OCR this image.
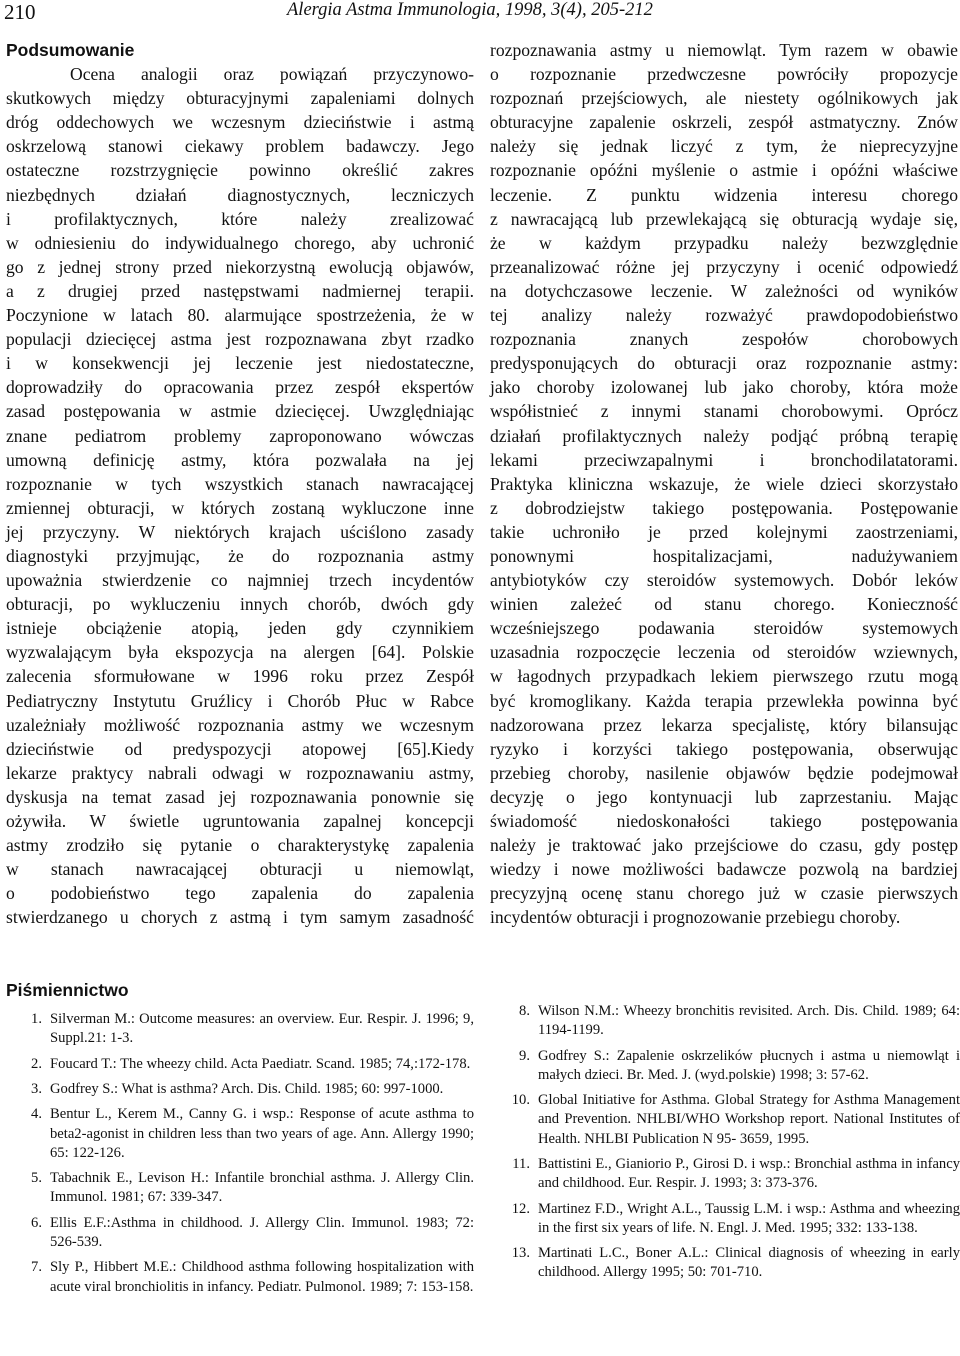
210	Alergia Astma Immunologia, 1998, 3(4), 205-212
Podsumowanie
Ocena analogii oraz powiązań przyczynowo-
skutkowych między obturacyjnymi zapaleniami dolnych
dróg oddechowych we wczesnym dzieciństwie i astmą
oskrzelową stanowi ciekawy problem badawczy. Jego
ostateczne rozstrzygnięcie powinno określić zakres
niezbędnych działań diagnostycznych, leczniczych
i profilaktycznych, które należy zrealizować
w odniesieniu do indywidualnego chorego, aby uchronić
go z jednej strony przed niekorzystną ewolucją objawów,
a z drugiej przed następstwami nadmiernej terapii.
Poczynione w latach 80. alarmujące spostrzeżenia, że w
populacji dziecięcej astma jest rozpoznawana zbyt rzadko
i w konsekwencji jej leczenie jest niedostateczne,
doprowadziły do opracowania przez zespół ekspertów
zasad postępowania w astmie dziecięcej. Uwzględniając
znane pediatrom problemy zaproponowano wówczas
umowną definicję astmy, która pozwalała na jej
rozpoznanie w tych wszystkich stanach nawracającej
zmiennej obturacji, w których zostaną wykluczone inne
jej przyczyny. W niektórych krajach uściślono zasady
diagnostyki przyjmując, że do rozpoznania astmy
upoważnia stwierdzenie co najmniej trzech incydentów
obturacji, po wykluczeniu innych chorób, dwóch gdy
istnieje obciążenie atopią, jeden gdy czynnikiem
wyzwalającym była ekspozycja na alergen [64]. Polskie
zalecenia sformułowane w 1996 roku przez Zespół
Pediatryczny Instytutu Gruźlicy i Chorób Płuc w Rabce
uzależniały możliwość rozpoznania astmy we wczesnym
dzieciństwie od predyspozycji atopowej [65].Kiedy
lekarze praktycy nabrali odwagi w rozpoznawaniu astmy,
dyskusja na temat zasad jej rozpoznawania ponownie się
ożywiła. W świetle ugruntowania zapalnej koncepcji
astmy zrodziło się pytanie o charakterystykę zapalenia
w stanach nawracającej obturacji u niemowląt,
o podobieństwo tego zapalenia do zapalenia
stwierdzanego u chorych z astmą i tym samym zasadność
rozpoznawania astmy u niemowląt. Tym razem w obawie
o rozpoznanie przedwczesne powróciły propozycje
rozpoznań przejściowych, ale niestety ogólnikowych jak
obturacyjne zapalenie oskrzeli, zespół astmatyczny. Znów
należy się jednak liczyć z tym, że nieprecyzyjne
rozpoznanie opóźni myślenie o astmie i opóźni właściwe
leczenie. Z punktu widzenia interesu chorego
z nawracającą lub przewlekającą się obturacją wydaje się,
że w każdym przypadku należy bezwzględnie
przeanalizować różne jej przyczyny i ocenić odpowiedź
na dotychczasowe leczenie. W zależności od wyników
tej analizy należy rozważyć prawdopodobieństwo
rozpoznania znanych zespołów chorobowych
predysponujących do obturacji oraz rozpoznanie astmy:
jako choroby izolowanej lub jako choroby, która może
współistnieć z innymi stanami chorobowymi. Oprócz
działań profilaktycznych należy podjąć próbną terapię
lekami przeciwzapalnymi i bronchodilatatorami.
Praktyka kliniczna wskazuje, że wiele dzieci skorzystało
z dobrodziejstw takiego postępowania. Postępowanie
takie uchroniło je przed kolejnymi zaostrzeniami,
ponownymi hospitalizacjami, nadużywaniem
antybiotyków czy steroidów systemowych. Dobór leków
winien zależeć od stanu chorego. Konieczność
wcześniejszego podawania steroidów systemowych
uzasadnia rozpoczęcie leczenia od steroidów wziewnych,
w łagodnych przypadkach lekiem pierwszego rzutu mogą
być kromoglikany. Każda terapia przewlekła powinna być
nadzorowana przez lekarza specjalistę, który bilansując
ryzyko i korzyści takiego postępowania, obserwując
przebieg choroby, nasilenie objawów będzie podejmował
decyzję o jego kontynuacji lub zaprzestaniu. Mając
świadomość niedoskonałości takiego postępowania
należy je traktować jako przejściowe do czasu, gdy postęp
wiedzy i nowe możliwości badawcze pozwolą na bardziej
precyzyjną ocenę stanu chorego już w czasie pierwszych
incydentów obturacji i prognozowanie przebiegu choroby.
Piśmiennictwo
1. Silverman M.: Outcome measures: an overview. Eur. Respir. J. 1996; 9, Suppl.21: 1-3.
2. Foucard T.: The wheezy child. Acta Paediatr. Scand. 1985; 74,:172-178.
3. Godfrey S.: What is asthma? Arch. Dis. Child. 1985; 60: 997-1000.
4. Bentur L., Kerem M., Canny G. i wsp.: Response of acute asthma to beta2-agonist in children less than two years of age. Ann. Allergy 1990; 65: 122-126.
5. Tabachnik E., Levison H.: Infantile bronchial asthma. J. Allergy Clin. Immunol. 1981; 67: 339-347.
6. Ellis E.F.:Asthma in childhood. J. Allergy Clin. Immunol. 1983; 72: 526-539.
7. Sly P., Hibbert M.E.: Childhood asthma following hospitalization with acute viral bronchiolitis in infancy. Pediatr. Pulmonol. 1989; 7: 153-158.
8. Wilson N.M.: Wheezy bronchitis revisited. Arch. Dis. Child. 1989; 64: 1194-1199.
9. Godfrey S.: Zapalenie oskrzelików płucnych i astma u niemowląt i małych dzieci. Br. Med. J. (wyd.polskie) 1998; 3: 57-62.
10. Global Initiative for Asthma. Global Strategy for Asthma Management and Prevention. NHLBI/WHO Workshop report. National Institutes of Health. NHLBI Publication N 95- 3659, 1995.
11. Battistini E., Gianiorio P., Girosi D. i wsp.: Bronchial asthma in infancy and childhood. Eur. Respir. J. 1993; 3: 373-376.
12. Martinez F.D., Wright A.L., Taussig L.M. i wsp.: Asthma and wheezing in the first six years of life. N. Engl. J. Med. 1995; 332: 133-138.
13. Martinati L.C., Boner A.L.: Clinical diagnosis of wheezing in early childhood. Allergy 1995; 50: 701-710.
